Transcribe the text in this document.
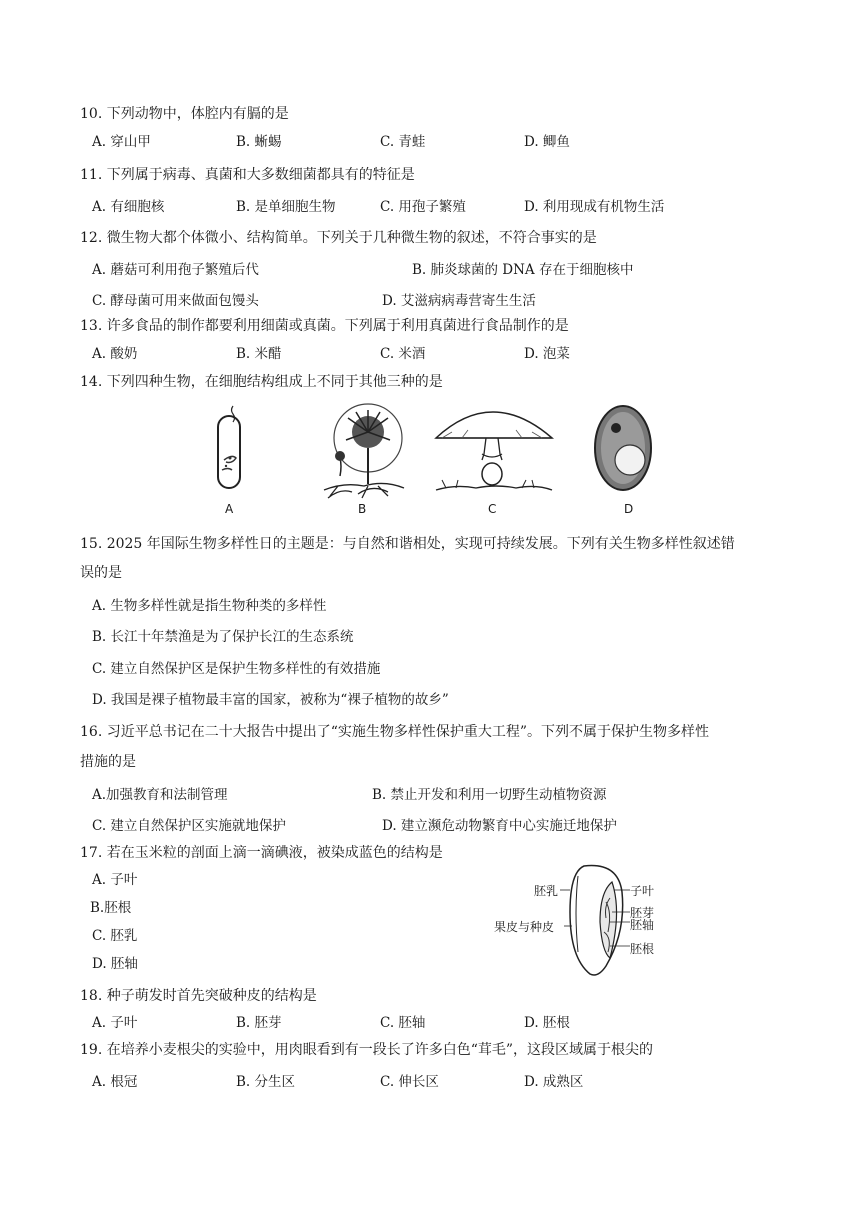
10. 下列动物中，体腔内有膈的是
A. 穿山甲	B. 蜥蜴	C. 青蛙	D. 鲫鱼
11. 下列属于病毒、真菌和大多数细菌都具有的特征是
A. 有细胞核	B. 是单细胞生物	C. 用孢子繁殖	D. 利用现成有机物生活
12. 微生物大都个体微小、结构简单。下列关于几种微生物的叙述，不符合事实的是
A. 蘑菇可利用孢子繁殖后代	B. 肺炎球菌的 DNA 存在于细胞核中
C. 酵母菌可用来做面包馒头	D. 艾滋病病毒营寄生生活
13. 许多食品的制作都要利用细菌或真菌。下列属于利用真菌进行食品制作的是
A. 酸奶	B. 米醋	C. 米酒	D. 泡菜
14. 下列四种生物，在细胞结构组成上不同于其他三种的是
A	B	C	D
15. 2025 年国际生物多样性日的主题是：与自然和谐相处，实现可持续发展。下列有关生物多样性叙述错
误的是
A. 生物多样性就是指生物种类的多样性
B. 长江十年禁渔是为了保护长江的生态系统
C. 建立自然保护区是保护生物多样性的有效措施
D. 我国是裸子植物最丰富的国家，被称为“裸子植物的故乡”
16. 习近平总书记在二十大报告中提出了“实施生物多样性保护重大工程”。下列不属于保护生物多样性
措施的是
A.加强教育和法制管理	B. 禁止开发和利用一切野生动植物资源
C. 建立自然保护区实施就地保护	D. 建立濒危动物繁育中心实施迁地保护
17. 若在玉米粒的剖面上滴一滴碘液，被染成蓝色的结构是
A. 子叶
B.胚根
C. 胚乳
D. 胚轴
胚乳
果皮与种皮
子叶
胚芽
胚轴
胚根
18. 种子萌发时首先突破种皮的结构是
A. 子叶	B. 胚芽	C. 胚轴	D. 胚根
19. 在培养小麦根尖的实验中，用肉眼看到有一段长了许多白色“茸毛”，这段区域属于根尖的
A. 根冠	B. 分生区	C. 伸长区	D. 成熟区
